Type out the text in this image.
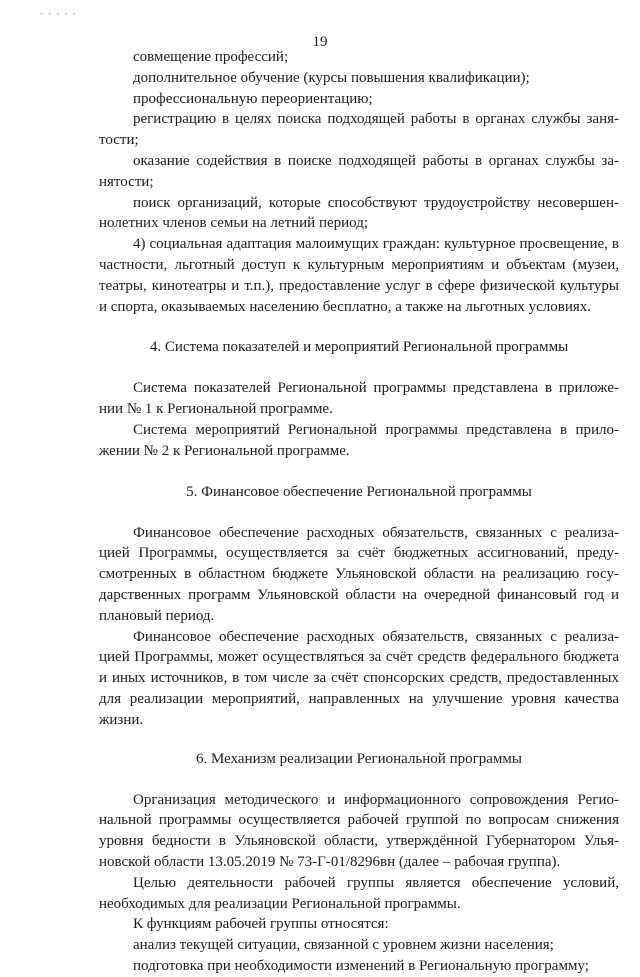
- - - - -
19
совмещение профессий;
дополнительное обучение (курсы повышения квалификации);
профессиональную переориентацию;
регистрацию в целях поиска подходящей работы в органах службы занятости;
оказание содействия в поиске подходящей работы в органах службы занятости;
поиск организаций, которые способствуют трудоустройству несовершеннолетних членов семьи на летний период;
4) социальная адаптация малоимущих граждан: культурное просвещение, в частности, льготный доступ к культурным мероприятиям и объектам (музеи, театры, кинотеатры и т.п.), предоставление услуг в сфере физической культуры и спорта, оказываемых населению бесплатно, а также на льготных условиях.
4. Система показателей и мероприятий Региональной программы
Система показателей Региональной программы представлена в приложении № 1 к Региональной программе.
Система мероприятий Региональной программы представлена в приложении № 2 к Региональной программе.
5. Финансовое обеспечение Региональной программы
Финансовое обеспечение расходных обязательств, связанных с реализацией Программы, осуществляется за счёт бюджетных ассигнований, предусмотренных в областном бюджете Ульяновской области на реализацию государственных программ Ульяновской области на очередной финансовый год и плановый период.
Финансовое обеспечение расходных обязательств, связанных с реализацией Программы, может осуществляться за счёт средств федерального бюджета и иных источников, в том числе за счёт спонсорских средств, предоставленных для реализации мероприятий, направленных на улучшение уровня качества жизни.
6. Механизм реализации Региональной программы
Организация методического и информационного сопровождения Региональной программы осуществляется рабочей группой по вопросам снижения уровня бедности в Ульяновской области, утверждённой Губернатором Ульяновской области 13.05.2019 № 73-Г-01/8296вн (далее – рабочая группа).
Целью деятельности рабочей группы является обеспечение условий, необходимых для реализации Региональной программы.
К функциям рабочей группы относятся:
анализ текущей ситуации, связанной с уровнем жизни населения;
подготовка при необходимости изменений в Региональную программу;
